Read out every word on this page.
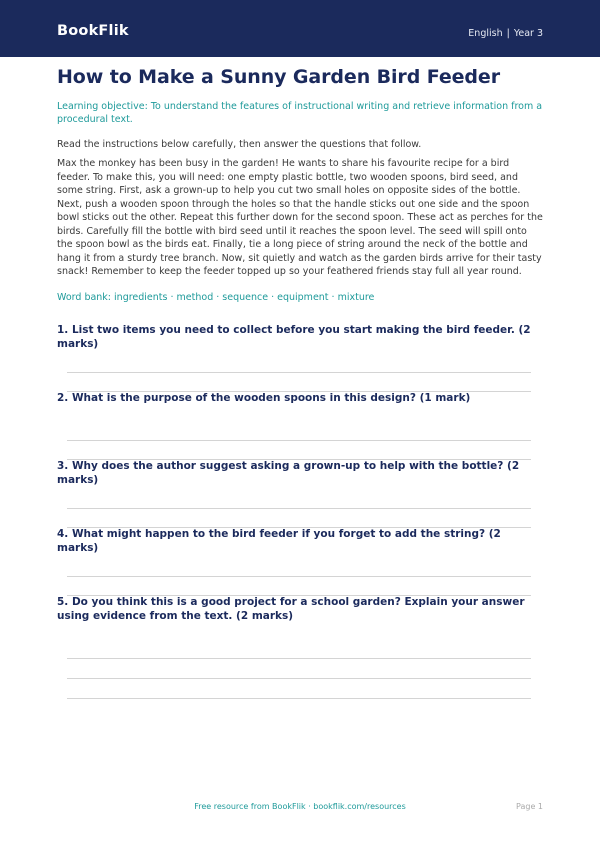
BookFlik	English | Year 3
How to Make a Sunny Garden Bird Feeder
Learning objective: To understand the features of instructional writing and retrieve information from a procedural text.
Read the instructions below carefully, then answer the questions that follow.

Max the monkey has been busy in the garden! He wants to share his favourite recipe for a bird feeder. To make this, you will need: one empty plastic bottle, two wooden spoons, bird seed, and some string. First, ask a grown-up to help you cut two small holes on opposite sides of the bottle. Next, push a wooden spoon through the holes so that the handle sticks out one side and the spoon bowl sticks out the other. Repeat this further down for the second spoon. These act as perches for the birds. Carefully fill the bottle with bird seed until it reaches the spoon level. The seed will spill onto the spoon bowl as the birds eat. Finally, tie a long piece of string around the neck of the bottle and hang it from a sturdy tree branch. Now, sit quietly and watch as the garden birds arrive for their tasty snack! Remember to keep the feeder topped up so your feathered friends stay full all year round.

Word bank: ingredients · method · sequence · equipment · mixture

1. List two items you need to collect before you start making the bird feeder. (2 marks)

2. What is the purpose of the wooden spoons in this design? (1 mark)

3. Why does the author suggest asking a grown-up to help with the bottle? (2 marks)

4. What might happen to the bird feeder if you forget to add the string? (2 marks)

5. Do you think this is a good project for a school garden? Explain your answer using evidence from the text. (2 marks)

Free resource from BookFlik · bookflik.com/resources	Page 1
